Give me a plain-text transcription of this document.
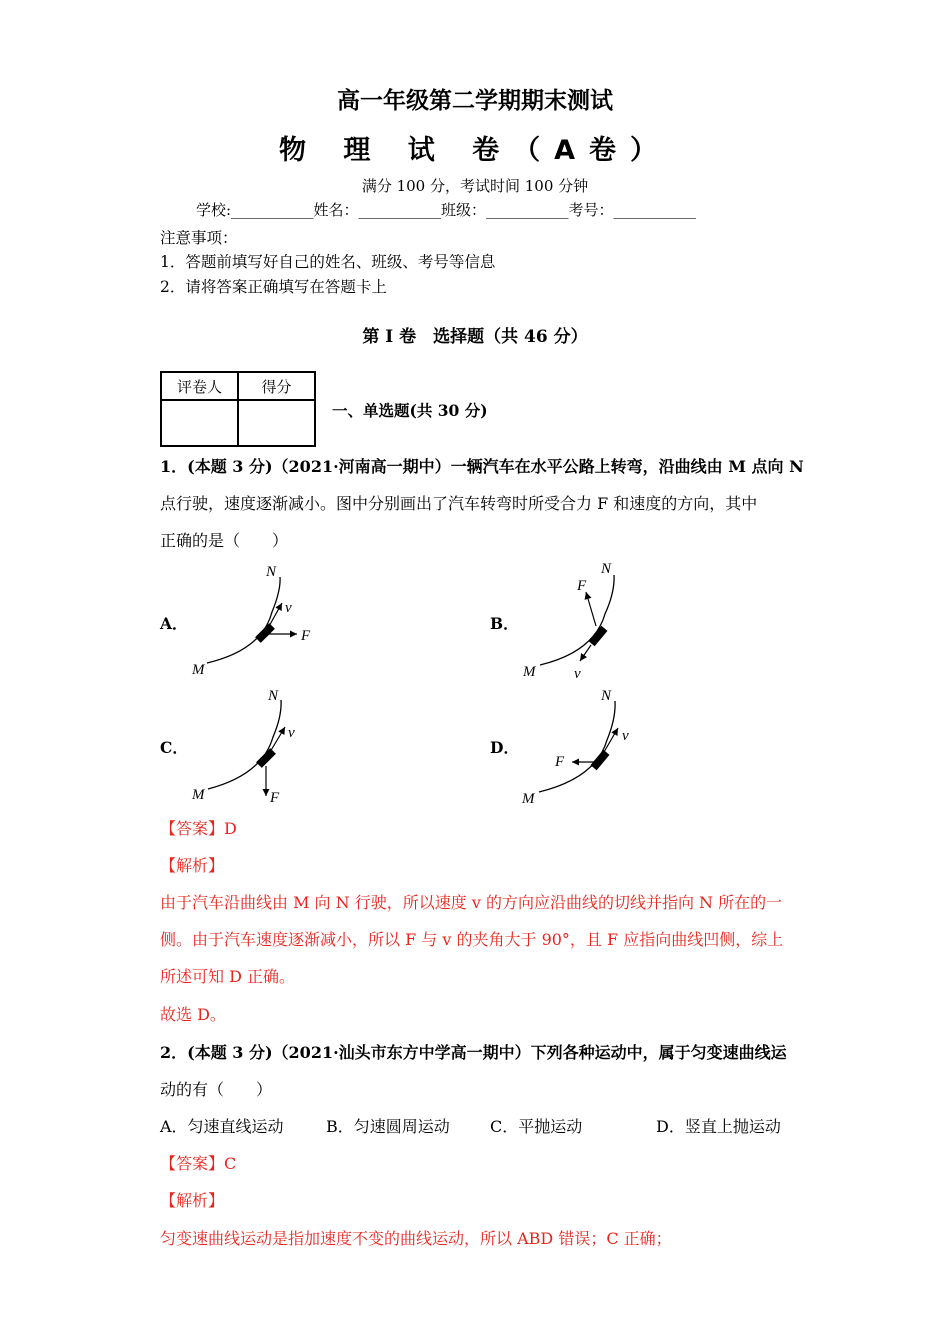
高一年级第二学期期末测试
物 理 试 卷（A卷）
满分 100 分，考试时间 100 分钟
学校:___________姓名：___________班级：___________考号：___________
注意事项：
1．答题前填写好自己的姓名、班级、考号等信息
2．请将答案正确填写在答题卡上
第 I 卷　选择题（共 46 分）
评卷人	得分

一、单选题(共 30 分)
1．(本题 3 分)（2021·河南高一期中）一辆汽车在水平公路上转弯，沿曲线由 M 点向 N
点行驶，速度逐渐减小。图中分别画出了汽车转弯时所受合力 F 和速度的方向，其中
正确的是（　　）
A．	B．
C．	D．
N
M
v
F
N
M
F
v
N
M
v
F
N
M
v
F
【答案】D
【解析】
由于汽车沿曲线由 M 向 N 行驶，所以速度 v 的方向应沿曲线的切线并指向 N 所在的一
侧。由于汽车速度逐渐减小，所以 F 与 v 的夹角大于 90°，且 F 应指向曲线凹侧，综上
所述可知 D 正确。
故选 D。
2．(本题 3 分)（2021·汕头市东方中学高一期中）下列各种运动中，属于匀变速曲线运
动的有（　　）
A．匀速直线运动	B．匀速圆周运动	C．平抛运动	D．竖直上抛运动
【答案】C
【解析】
匀变速曲线运动是指加速度不变的曲线运动，所以 ABD 错误；C 正确；
